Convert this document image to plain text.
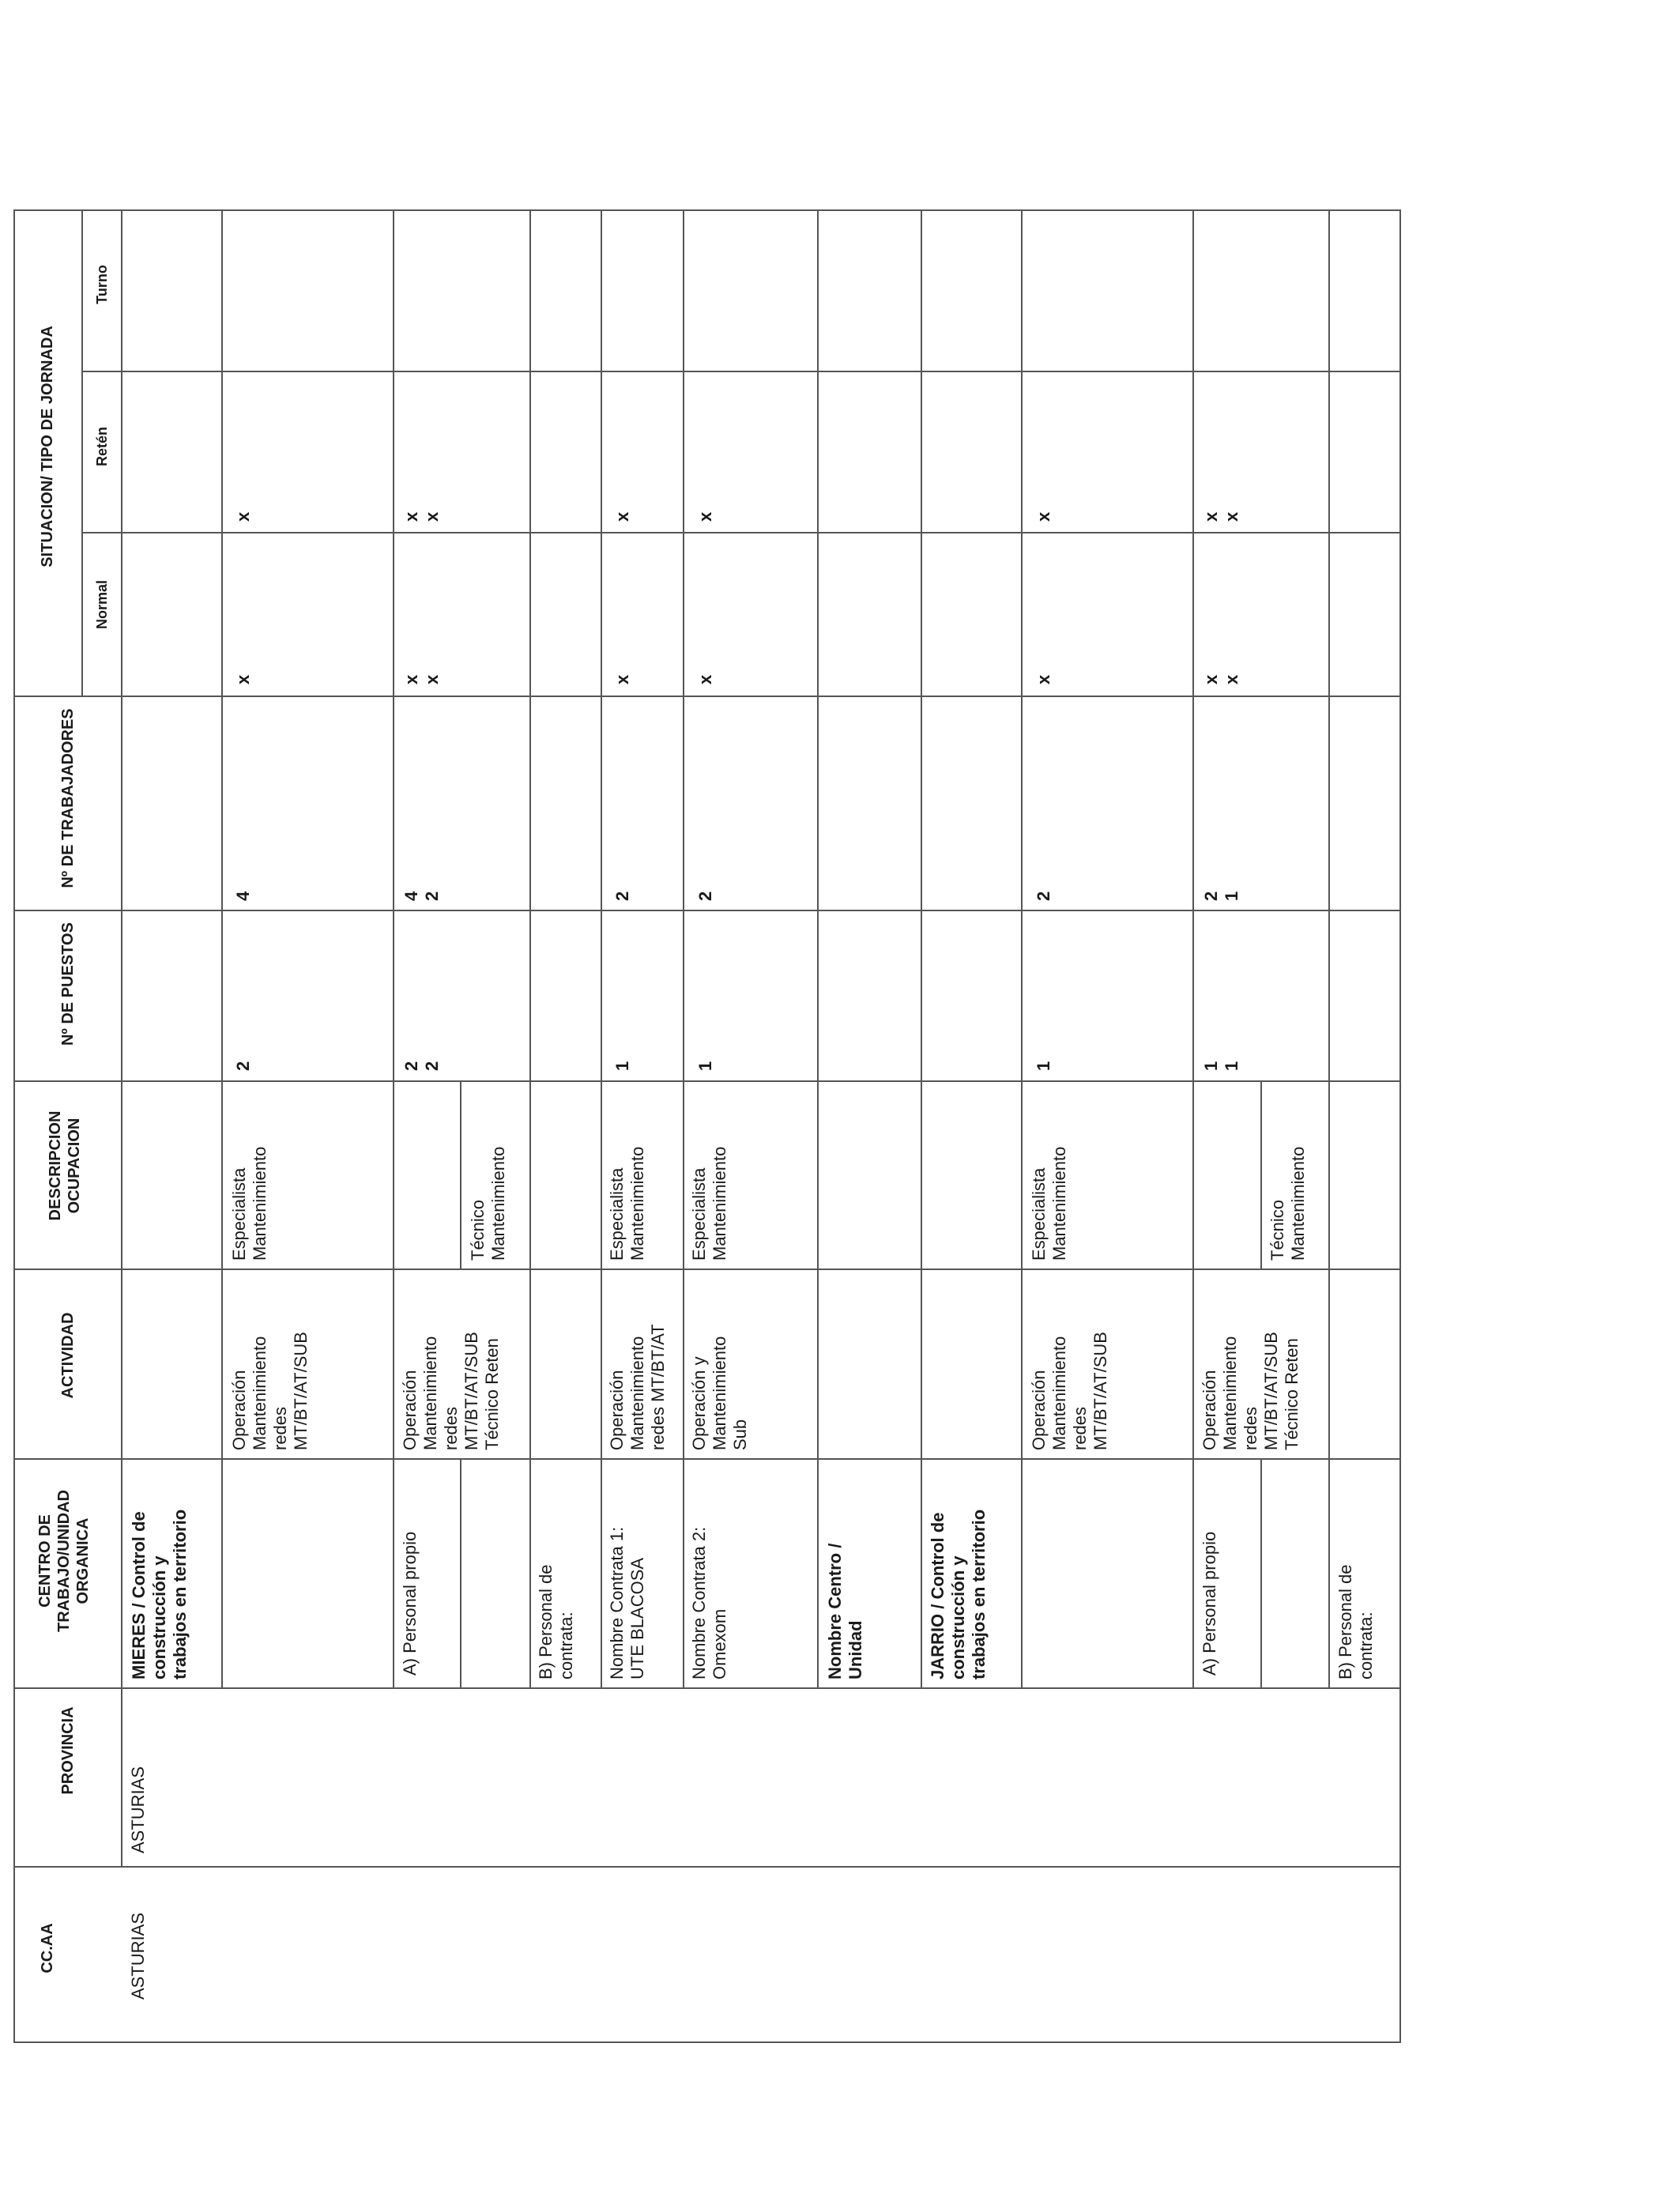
CC.AA
PROVINCIA
CENTRO DE
TRABAJO/UNIDAD
ORGANICA
ACTIVIDAD
DESCRIPCION
OCUPACION
Nº DE PUESTOS
Nº DE TRABAJADORES
SITUACION/ TIPO DE JORNADA
Normal
Retén
Turno
ASTURIAS
ASTURIAS
MIERES / Control de
construcción y
trabajos en territorio
Operación
Mantenimiento
redes
MT/BT/AT/SUB
Especialista
Mantenimiento
2
4
x
x
A) Personal propio
Operación
Mantenimiento
redes
MT/BT/AT/SUB
Técnico Reten
Técnico
Mantenimiento
2
2
4
2
x
x
x
x
B) Personal de
contrata: Nombre Contrata 1:
UTE BLACOSA
Operación
Mantenimiento
redes MT/BT/AT
Especialista
Mantenimiento
1
2
x
x
Nombre Contrata 2:
Omexom
Operación y
Mantenimiento
Sub
Especialista
Mantenimiento
1
2
x
x
Nombre Centro /
Unidad	JARRIO / Control de
construcción y
trabajos en territorio
Operación
Mantenimiento
redes
MT/BT/AT/SUB
Especialista
Mantenimiento
1
2
x
x
A) Personal propio
Operación
Mantenimiento
redes
MT/BT/AT/SUB
Técnico Reten
Técnico
Mantenimiento
1
1
2
1
x
x
x
x
B) Personal de
contrata:
